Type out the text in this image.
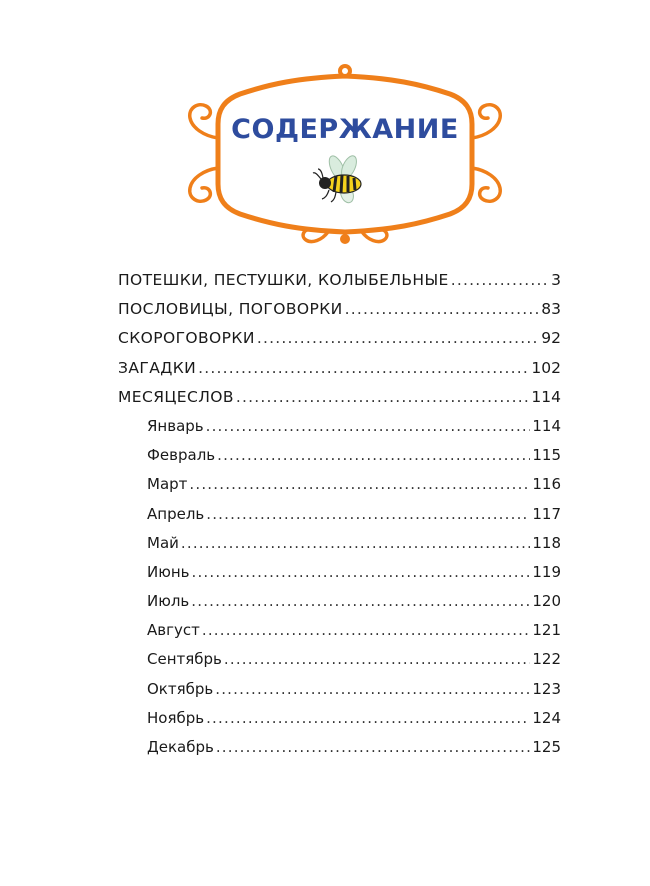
СОДЕРЖАНИЕ
ПОТЕШКИ, ПЕСТУШКИ, КОЛЫБЕЛЬНЫЕ .....	3
ПОСЛОВИЦЫ, ПОГОВОРКИ .....	83
СКОРОГОВОРКИ .....	92
ЗАГАДКИ .....	102
МЕСЯЦЕСЛОВ .....	114
Январь .....	114
Февраль .....	115
Март .....	116
Апрель .....	117
Май .....	118
Июнь .....	119
Июль .....	120
Август .....	121
Сентябрь .....	122
Октябрь .....	123
Ноябрь .....	124
Декабрь .....	125
